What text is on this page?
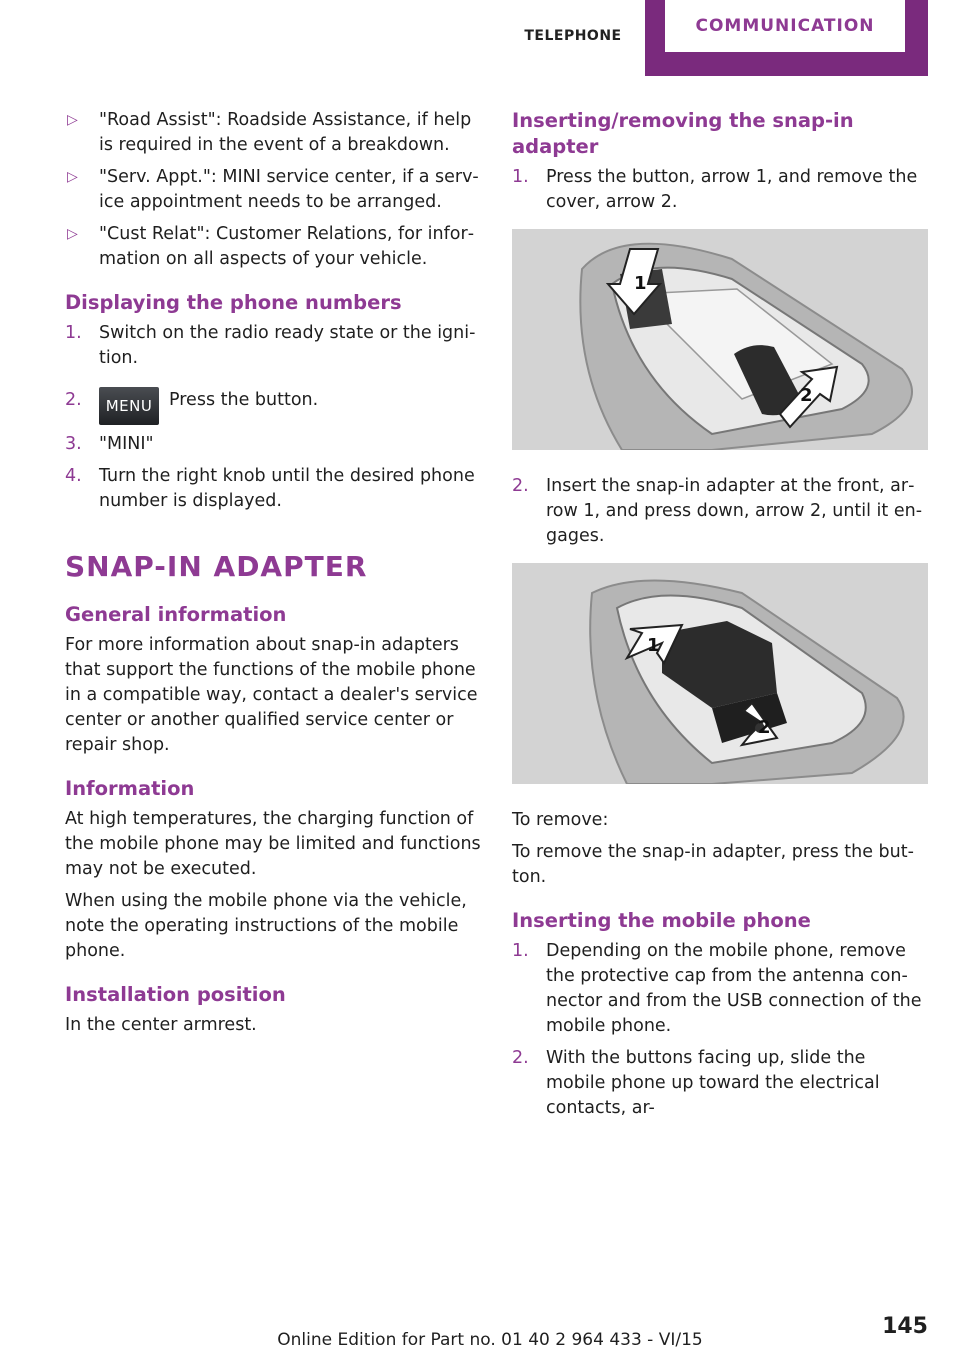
TELEPHONE	COMMUNICATION
▷ "Road Assist": Roadside Assistance, if help is required in the event of a breakdown.
▷ "Serv. Appt.": MINI service center, if a service appointment needs to be arranged.
▷ "Cust Relat": Customer Relations, for information on all aspects of your vehicle.
Displaying the phone numbers
1. Switch on the radio ready state or the ignition.
2. MENU Press the button.
3. "MINI"
4. Turn the right knob until the desired phone number is displayed.
SNAP-IN ADAPTER
General information

For more information about snap-in adapters that support the functions of the mobile phone in a compatible way, contact a dealer's service center or another qualified service center or repair shop.

Information

At high temperatures, the charging function of the mobile phone may be limited and functions may not be executed.

When using the mobile phone via the vehicle, note the operating instructions of the mobile phone.

Installation position

In the center armrest.

Inserting/removing the snap-in adapter
1. Press the button, arrow 1, and remove the cover, arrow 2.
1
2
2. Insert the snap-in adapter at the front, arrow 1, and press down, arrow 2, until it engages.
1
2

To remove:

To remove the snap-in adapter, press the button.

Inserting the mobile phone
1. Depending on the mobile phone, remove the protective cap from the antenna connector and from the USB connection of the mobile phone.
2. With the buttons facing up, slide the mobile phone up toward the electrical contacts, ar-
Online Edition for Part no. 01 40 2 964 433 - VI/15
145
